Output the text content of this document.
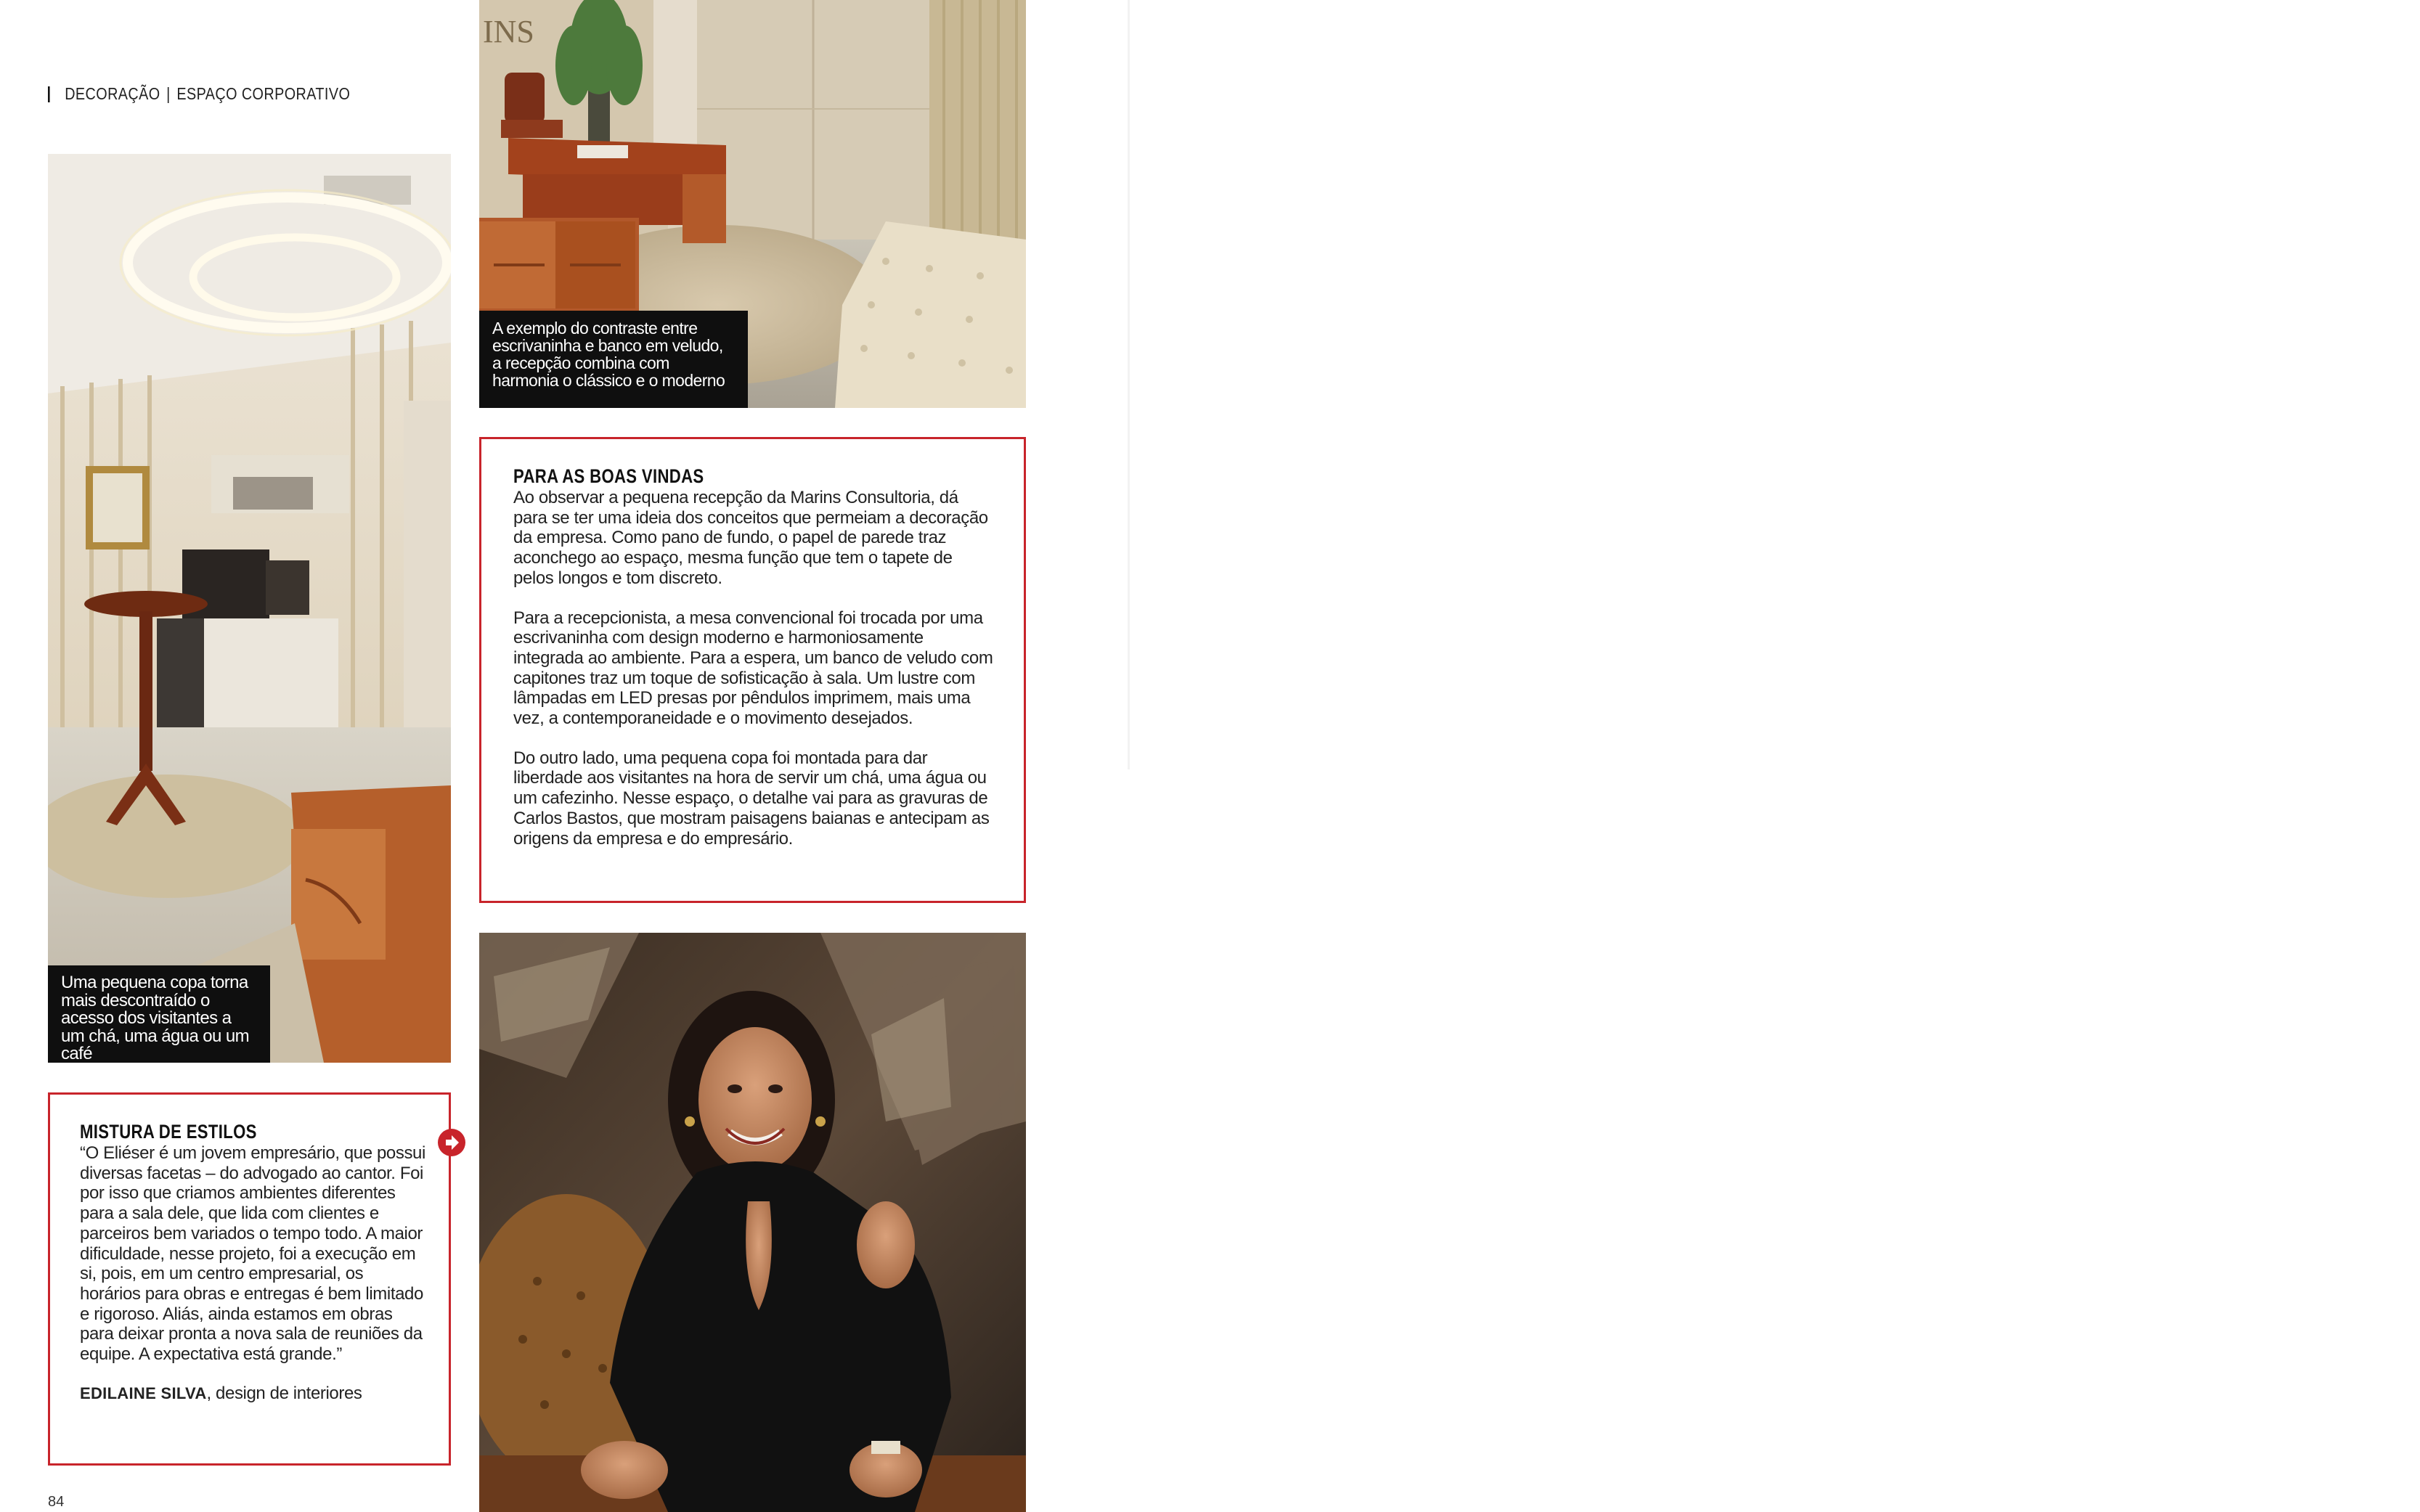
DECORAÇÃO | ESPAÇO CORPORATIVO
INS
A exemplo do contraste entre escrivaninha e banco em veludo, a recepção combina com harmonia o clássico e o moderno
Uma pequena copa torna mais descontraído o acesso dos visitantes a um chá, uma água ou um café
PARA AS BOAS VINDAS

Ao observar a pequena recepção da Marins Consultoria, dá para se ter uma ideia dos conceitos que permeiam a decoração da empresa. Como pano de fundo, o papel de parede traz aconchego ao espaço, mesma função que tem o tapete de pelos longos e tom discreto.

Para a recepcionista, a mesa convencional foi trocada por uma escrivaninha com design moderno e harmoniosamente integrada ao ambiente. Para a espera, um banco de veludo com capitones traz um toque de sofisticação à sala. Um lustre com lâmpadas em LED presas por pêndulos imprimem, mais uma vez, a contemporaneidade e o movimento desejados.

Do outro lado, uma pequena copa foi montada para dar liberdade aos visitantes na hora de servir um chá, uma água ou um cafezinho. Nesse espaço, o detalhe vai para as gravuras de Carlos Bastos, que mostram paisagens baianas e antecipam as origens da empresa e do empresário.

MISTURA DE ESTILOS
“O Eliéser é um jovem empresário, que possui diversas facetas – do advogado ao cantor. Foi por isso que criamos ambientes diferentes para a sala dele, que lida com clientes e parceiros bem variados o tempo todo. A maior dificuldade, nesse projeto, foi a execução em si, pois, em um centro empresarial, os horários para obras e entregas é bem limitado e rigoroso. Aliás, ainda estamos em obras para deixar pronta a nova sala de reuniões da equipe. A expectativa está grande.”
EDILAINE SILVA, design de interiores
84
